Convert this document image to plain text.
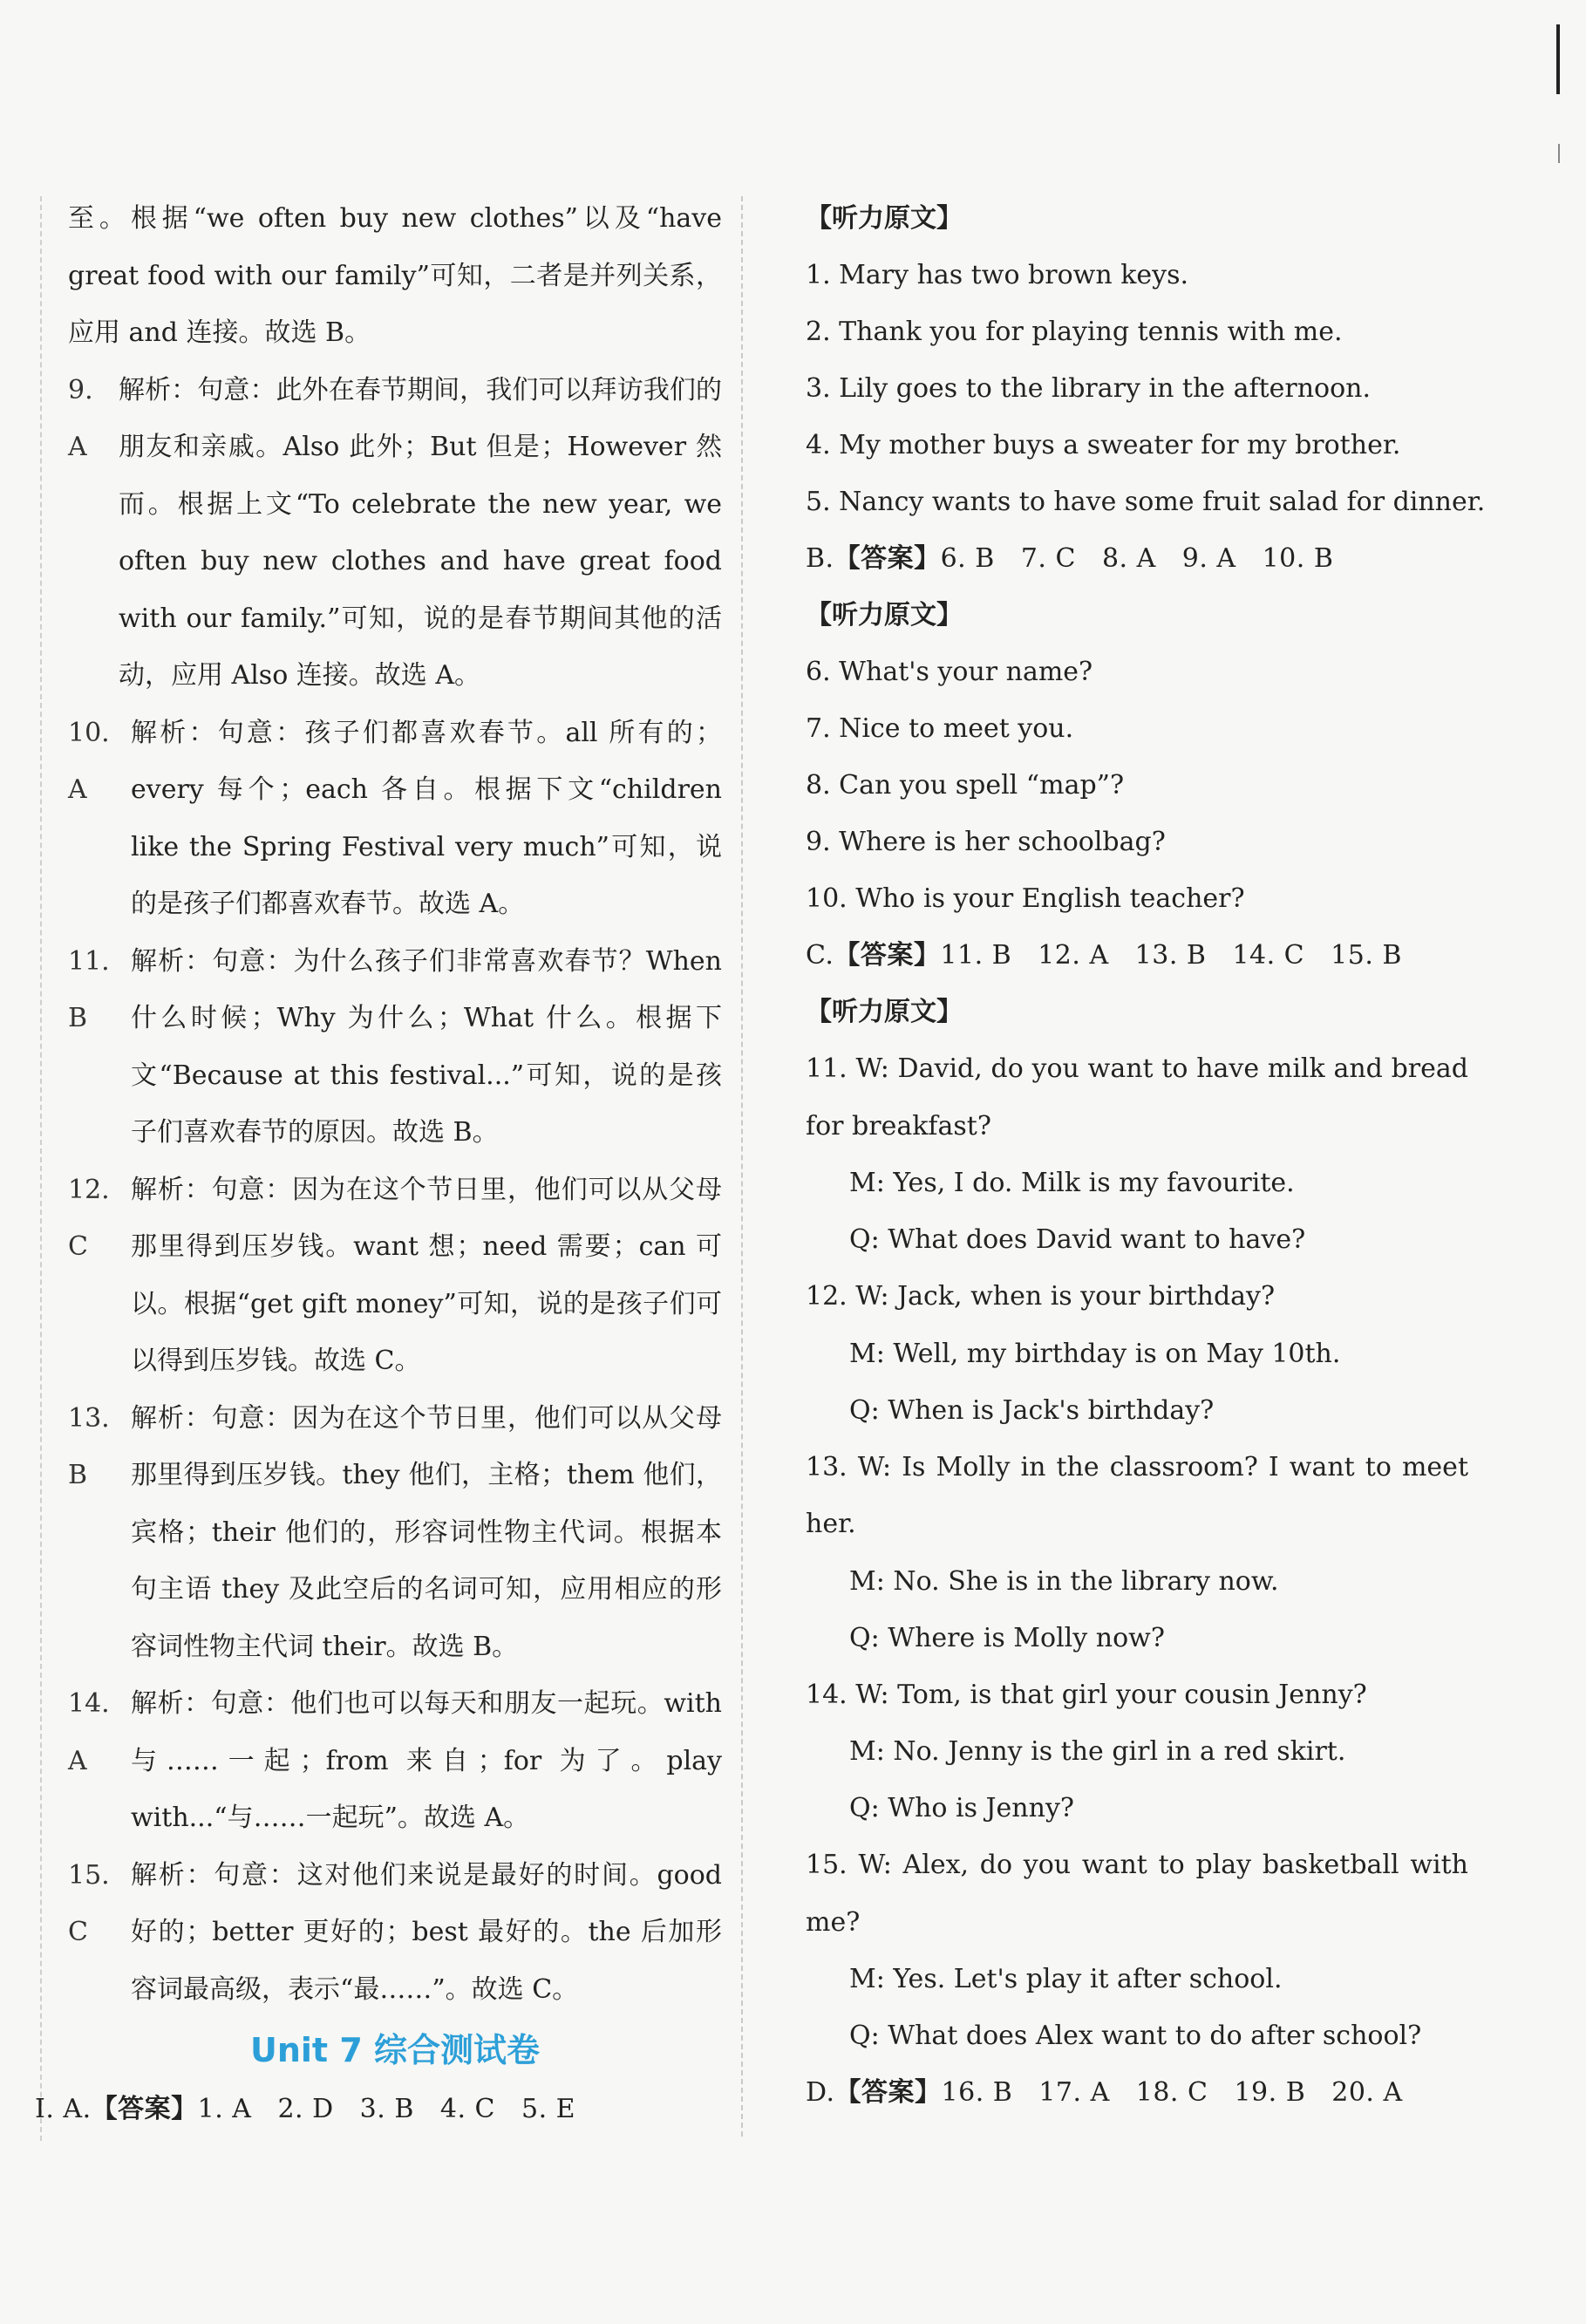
至。根据“we often buy new clothes”以及“have great food with our family”可知，二者是并列关系，应用 and 连接。故选 B。
9. A
解析：句意：此外在春节期间，我们可以拜访我们的朋友和亲戚。Also 此外；But 但是；However 然而。根据上文“To celebrate the new year, we often buy new clothes and have great food with our family.”可知，说的是春节期间其他的活动，应用 Also 连接。故选 A。
10. A
解析：句意：孩子们都喜欢春节。all 所有的；every 每个；each 各自。根据下文“children like the Spring Festival very much”可知，说的是孩子们都喜欢春节。故选 A。
11. B
解析：句意：为什么孩子们非常喜欢春节？When 什么时候；Why 为什么；What 什么。根据下文“Because at this festival...”可知，说的是孩子们喜欢春节的原因。故选 B。
12. C
解析：句意：因为在这个节日里，他们可以从父母那里得到压岁钱。want 想；need 需要；can 可以。根据“get gift money”可知，说的是孩子们可以得到压岁钱。故选 C。
13. B
解析：句意：因为在这个节日里，他们可以从父母那里得到压岁钱。they 他们，主格；them 他们，宾格；their 他们的，形容词性物主代词。根据本句主语 they 及此空后的名词可知，应用相应的形容词性物主代词 their。故选 B。
14. A
解析：句意：他们也可以每天和朋友一起玩。with 与……一起；from 来自；for 为了。play with...“与……一起玩”。故选 A。
15. C
解析：句意：这对他们来说是最好的时间。good 好的；better 更好的；best 最好的。the 后加形容词最高级，表示“最……”。故选 C。
Unit 7 综合测试卷
Ⅰ. A.【答案】1. A 2. D 3. B 4. C 5. E
【听力原文】
1. Mary has two brown keys.
2. Thank you for playing tennis with me.
3. Lily goes to the library in the afternoon.
4. My mother buys a sweater for my brother.
5. Nancy wants to have some fruit salad for dinner.
B.【答案】6. B 7. C 8. A 9. A 10. B
【听力原文】
6. What's your name?
7. Nice to meet you.
8. Can you spell “map”?
9. Where is her schoolbag?
10. Who is your English teacher?
C.【答案】11. B 12. A 13. B 14. C 15. B
【听力原文】
11. W: David, do you want to have milk and bread for breakfast?
M: Yes, I do. Milk is my favourite.
Q: What does David want to have?
12. W: Jack, when is your birthday?
M: Well, my birthday is on May 10th.
Q: When is Jack's birthday?
13. W: Is Molly in the classroom? I want to meet her.
M: No. She is in the library now.
Q: Where is Molly now?
14. W: Tom, is that girl your cousin Jenny?
M: No. Jenny is the girl in a red skirt.
Q: Who is Jenny?
15. W: Alex, do you want to play basketball with me?
M: Yes. Let's play it after school.
Q: What does Alex want to do after school?
D.【答案】16. B 17. A 18. C 19. B 20. A
